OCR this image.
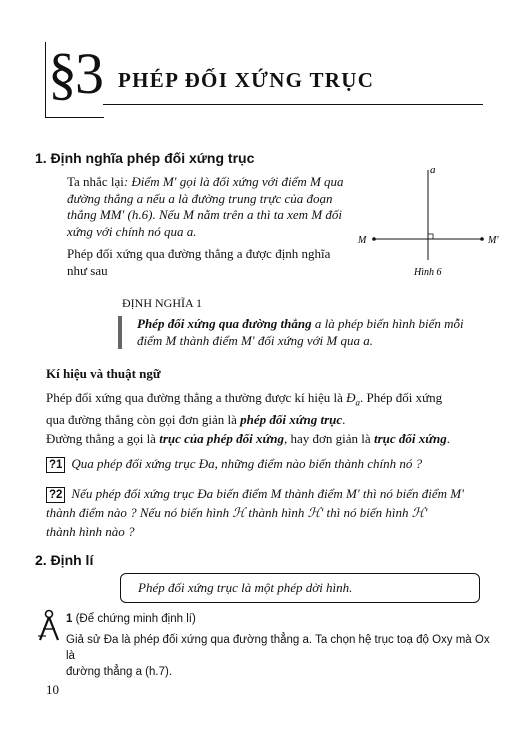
§3 PHÉP ĐỐI XỨNG TRỤC
1. Định nghĩa phép đối xứng trục
Ta nhắc lại: Điểm M' gọi là đối xứng với điểm M qua
đường thẳng a nếu a là đường trung trực của đoạn
thẳng MM' (h.6). Nếu M nằm trên a thì ta xem M đối
xứng với chính nó qua a.
Phép đối xứng qua đường thẳng a được định nghĩa
như sau
a
M	M'
Hình 6
ĐỊNH NGHĨA 1
Phép đối xứng qua đường thẳng a là phép biến hình biến mỗi
điểm M thành điểm M' đối xứng với M qua a.
Kí hiệu và thuật ngữ
Phép đối xứng qua đường thẳng a thường được kí hiệu là $Đ_a$. Phép đối xứng
qua đường thẳng còn gọi đơn giản là phép đối xứng trục.
Đường thẳng a gọi là trục của phép đối xứng, hay đơn giản là trục đối xứng.
?1 Qua phép đối xứng trục Đa, những điểm nào biến thành chính nó ?
?2 Nếu phép đối xứng trục Đa biến điểm M thành điểm M' thì nó biến điểm M'
thành điểm nào ? Nếu nó biến hình ℋ thành hình ℋ' thì nó biến hình ℋ'
thành hình nào ?
2. Định lí
Phép đối xứng trục là một phép dời hình.
1 (Để chứng minh định lí)
Giả sử Đa là phép đối xứng qua đường thẳng a. Ta chọn hệ trục toạ độ Oxy mà Ox là
đường thẳng a (h.7).
10
